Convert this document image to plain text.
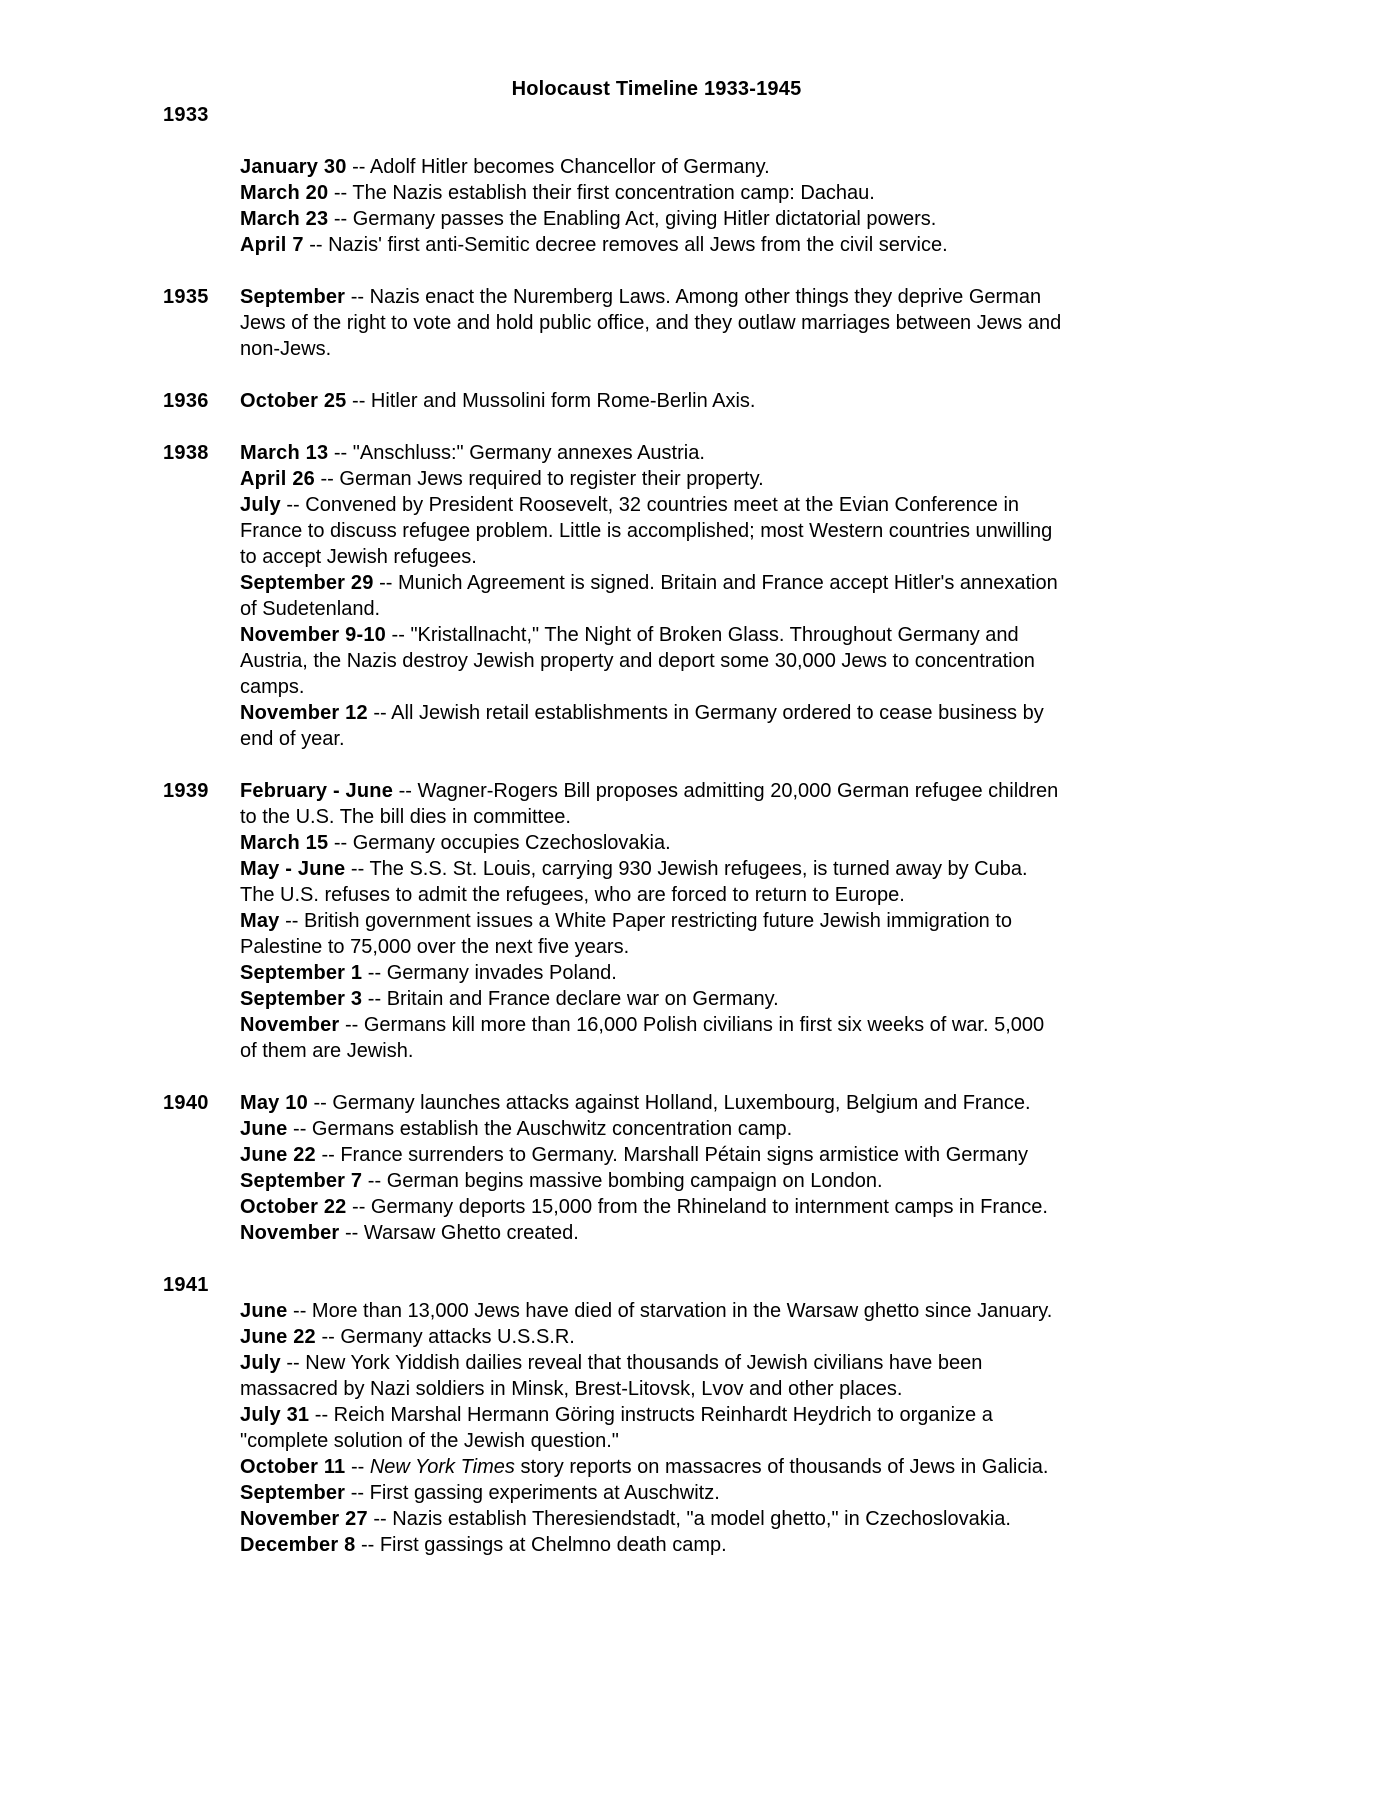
Holocaust Timeline 1933-1945
1933

January 30 -- Adolf Hitler becomes Chancellor of Germany.

March 20 -- The Nazis establish their first concentration camp: Dachau.

March 23 -- Germany passes the Enabling Act, giving Hitler dictatorial powers.

April 7 -- Nazis' first anti-Semitic decree removes all Jews from the civil service.

1935 September -- Nazis enact the Nuremberg Laws. Among other things they deprive German Jews of the right to vote and hold public office, and they outlaw marriages between Jews and non-Jews.

1936 October 25 -- Hitler and Mussolini form Rome-Berlin Axis.

1938 March 13 -- "Anschluss:" Germany annexes Austria.

April 26 -- German Jews required to register their property.

July -- Convened by President Roosevelt, 32 countries meet at the Evian Conference in France to discuss refugee problem. Little is accomplished; most Western countries unwilling to accept Jewish refugees.

September 29 -- Munich Agreement is signed. Britain and France accept Hitler's annexation of Sudetenland.

November 9-10 -- "Kristallnacht," The Night of Broken Glass. Throughout Germany and Austria, the Nazis destroy Jewish property and deport some 30,000 Jews to concentration camps.

November 12 -- All Jewish retail establishments in Germany ordered to cease business by end of year.

1939 February - June -- Wagner-Rogers Bill proposes admitting 20,000 German refugee children to the U.S. The bill dies in committee.

March 15 -- Germany occupies Czechoslovakia.

May - June -- The S.S. St. Louis, carrying 930 Jewish refugees, is turned away by Cuba. The U.S. refuses to admit the refugees, who are forced to return to Europe.

May -- British government issues a White Paper restricting future Jewish immigration to Palestine to 75,000 over the next five years.

September 1 -- Germany invades Poland.

September 3 -- Britain and France declare war on Germany.

November -- Germans kill more than 16,000 Polish civilians in first six weeks of war. 5,000 of them are Jewish.

1940 May 10 -- Germany launches attacks against Holland, Luxembourg, Belgium and France.

June -- Germans establish the Auschwitz concentration camp.

June 22 -- France surrenders to Germany. Marshall Pétain signs armistice with Germany

September 7 -- German begins massive bombing campaign on London.

October 22 -- Germany deports 15,000 from the Rhineland to internment camps in France.

November -- Warsaw Ghetto created.

1941

June -- More than 13,000 Jews have died of starvation in the Warsaw ghetto since January.

June 22 -- Germany attacks U.S.S.R.

July -- New York Yiddish dailies reveal that thousands of Jewish civilians have been massacred by Nazi soldiers in Minsk, Brest-Litovsk, Lvov and other places.

July 31 -- Reich Marshal Hermann Göring instructs Reinhardt Heydrich to organize a "complete solution of the Jewish question."

October 11 -- New York Times story reports on massacres of thousands of Jews in Galicia.

September -- First gassing experiments at Auschwitz.

November 27 -- Nazis establish Theresiendstadt, "a model ghetto," in Czechoslovakia.

December 8 -- First gassings at Chelmno death camp.
